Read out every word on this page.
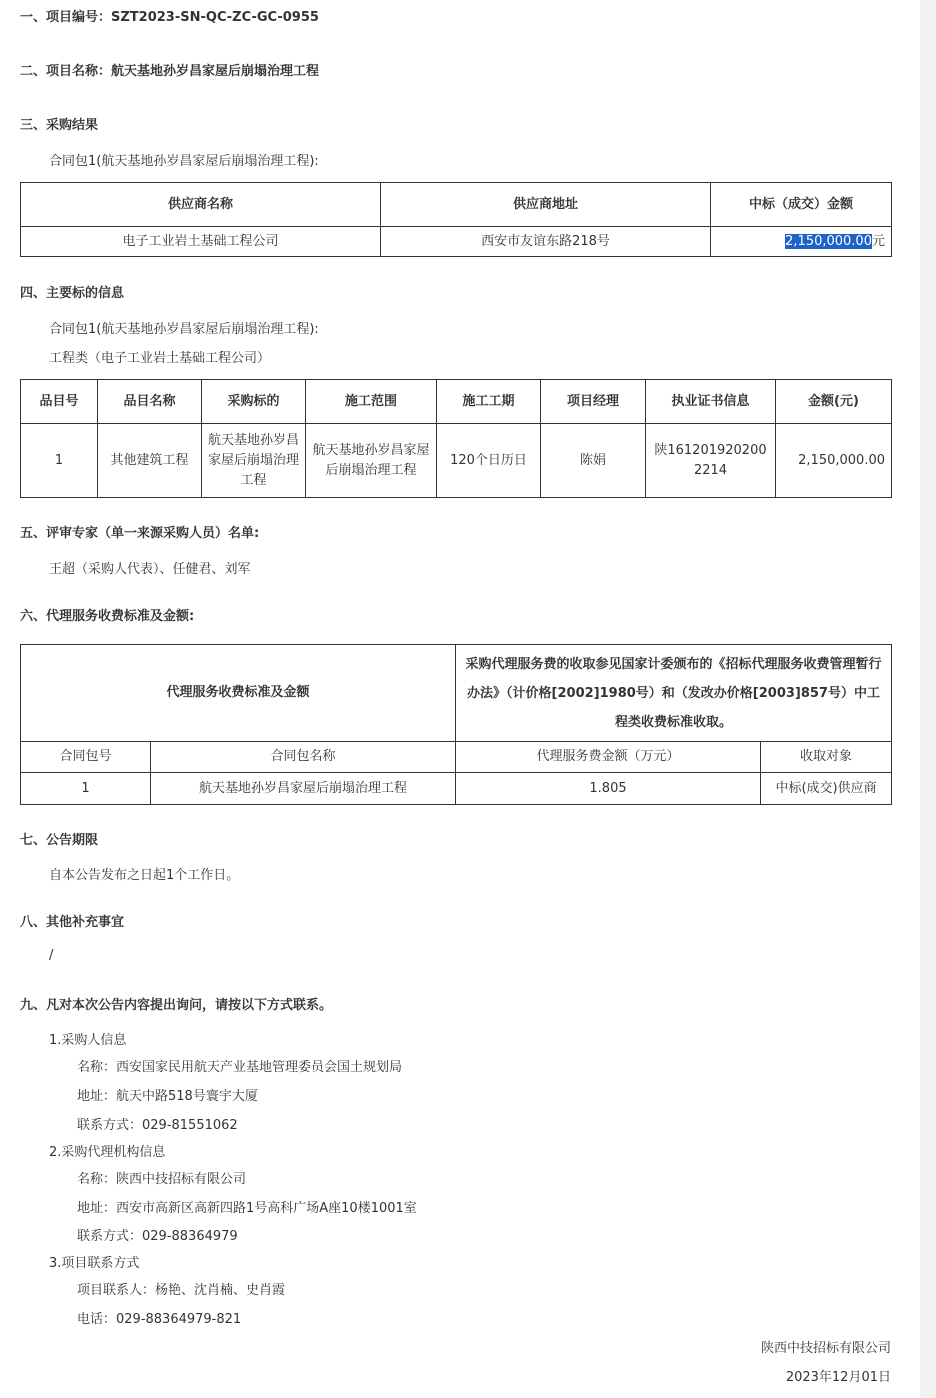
一、项目编号：SZT2023-SN-QC-ZC-GC-0955
二、项目名称：航天基地孙岁昌家屋后崩塌治理工程
三、采购结果
合同包1(航天基地孙岁昌家屋后崩塌治理工程):
供应商名称	供应商地址	中标（成交）金额
电子工业岩土基础工程公司	西安市友谊东路218号	2,150,000.00元
四、主要标的信息
合同包1(航天基地孙岁昌家屋后崩塌治理工程):
工程类（电子工业岩土基础工程公司）
品目号	品目名称	采购标的	施工范围	施工工期	项目经理	执业证书信息	金额(元)
1	其他建筑工程	航天基地孙岁昌家屋后崩塌治理工程	航天基地孙岁昌家屋后崩塌治理工程	120个日历日	陈娟	陕1612019202002214	2,150,000.00
五、评审专家（单一来源采购人员）名单:
王超（采购人代表）、任健君、刘军
六、代理服务收费标准及金额:
代理服务收费标准及金额		采购代理服务费的收取参见国家计委颁布的《招标代理服务收费管理暂行办法》（计价格[2002]1980号）和（发改办价格[2003]857号）中工程类收费标准收取。	
合同包号	合同包名称	代理服务费金额（万元）	收取对象
1	航天基地孙岁昌家屋后崩塌治理工程	1.805	中标(成交)供应商
七、公告期限
自本公告发布之日起1个工作日。
八、其他补充事宜
/
九、凡对本次公告内容提出询问，请按以下方式联系。
1.采购人信息
名称：西安国家民用航天产业基地管理委员会国土规划局
地址：航天中路518号寰宇大厦
联系方式：029-81551062
2.采购代理机构信息
名称：陕西中技招标有限公司
地址：西安市高新区高新四路1号高科广场A座10楼1001室
联系方式：029-88364979
3.项目联系方式
项目联系人：杨艳、沈肖楠、史肖霞
电话：029-88364979-821
陕西中技招标有限公司
2023年12月01日
